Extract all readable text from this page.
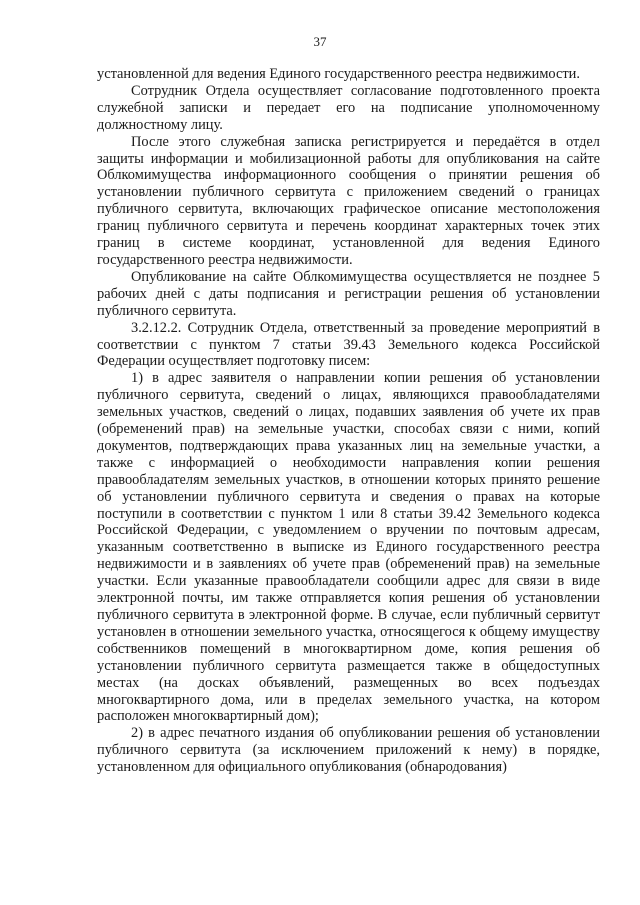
37

установленной для ведения Единого государственного реестра недвижимости.

Сотрудник Отдела осуществляет согласование подготовленного проекта служебной записки и передает его на подписание уполномоченному должностному лицу.

После этого служебная записка регистрируется и передаётся в отдел защиты информации и мобилизационной работы для опубликования на сайте Облкомимущества информационного сообщения о принятии решения об установлении публичного сервитута с приложением сведений о границах публичного сервитута, включающих графическое описание местоположения границ публичного сервитута и перечень координат характерных точек этих границ в системе координат, установленной для ведения Единого государственного реестра недвижимости.

Опубликование на сайте Облкомимущества осуществляется не позднее 5 рабочих дней с даты подписания и регистрации решения об установлении публичного сервитута.

3.2.12.2. Сотрудник Отдела, ответственный за проведение мероприятий в соответствии с пунктом 7 статьи 39.43 Земельного кодекса Российской Федерации осуществляет подготовку писем:

1) в адрес заявителя о направлении копии решения об установлении публичного сервитута, сведений о лицах, являющихся правообладателями земельных участков, сведений о лицах, подавших заявления об учете их прав (обременений прав) на земельные участки, способах связи с ними, копий документов, подтверждающих права указанных лиц на земельные участки, а также с информацией о необходимости направления копии решения правообладателям земельных участков, в отношении которых принято решение об установлении публичного сервитута и сведения о правах на которые поступили в соответствии с пунктом 1 или 8 статьи 39.42 Земельного кодекса Российской Федерации, с уведомлением о вручении по почтовым адресам, указанным соответственно в выписке из Единого государственного реестра недвижимости и в заявлениях об учете прав (обременений прав) на земельные участки. Если указанные правообладатели сообщили адрес для связи в виде электронной почты, им также отправляется копия решения об установлении публичного сервитута в электронной форме. В случае, если публичный сервитут установлен в отношении земельного участка, относящегося к общему имуществу собственников помещений в многоквартирном доме, копия решения об установлении публичного сервитута размещается также в общедоступных местах (на досках объявлений, размещенных во всех подъездах многоквартирного дома, или в пределах земельного участка, на котором расположен многоквартирный дом);

2) в адрес печатного издания об опубликовании решения об установлении публичного сервитута (за исключением приложений к нему) в порядке, установленном для официального опубликования (обнародования)
